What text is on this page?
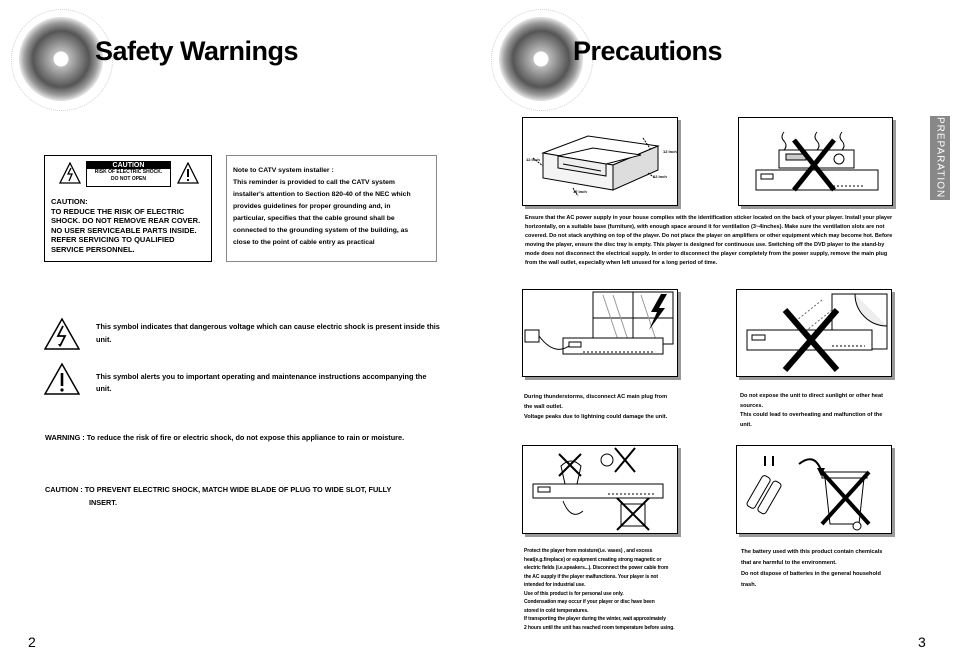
Safety Warnings
CAUTION
RISK OF ELECTRIC SHOCK.
DO NOT OPEN
CAUTION:
TO REDUCE THE RISK OF ELECTRIC
SHOCK. DO NOT REMOVE REAR COVER.
NO USER SERVICEABLE PARTS INSIDE.
REFER SERVICING TO QUALIFIED
SERVICE PERSONNEL.
Note to CATV system installer :
This reminder is provided to call the CATV system
installer's attention to Section 820-40 of the NEC which
provides guidelines for proper grounding and, in
particular, specifies that the cable ground shall be
connected to the grounding system of the building, as
close to the point of cable entry as practical
This symbol indicates that dangerous voltage which can cause electric shock is present inside this unit.
This symbol alerts you to important operating and maintenance instructions accompanying the unit.
WARNING : To reduce the risk of fire or electric shock, do not expose this appliance to rain or moisture.
CAUTION : TO PREVENT ELECTRIC SHOCK, MATCH WIDE BLADE OF PLUG TO WIDE SLOT, FULLY
INSERT.
2
Precautions
PREPARATION
12 Inch
12 Inch
12 Inch
12 Inch
Ensure that the AC power supply in your house complies with the identification sticker located on the back of your player. Install your player horizontally, on a suitable base (furniture), with enough space around it for ventilation (3~4inches). Make sure the ventilation slots are not covered. Do not stack anything on top of the player. Do not place the player on amplifiers or other equipment which may become hot. Before moving the player, ensure the disc tray is empty. This player is designed for continuous use. Switching off the DVD player to the stand-by mode does not disconnect the electrical supply. In order to disconnect the player completely from the power supply, remove the main plug from the wall outlet, especially when left unused for a long period of time.
During thunderstorms, disconnect AC main plug from
the wall outlet.
Voltage peaks due to lightning could damage the unit.
Do not expose the unit to direct sunlight or other heat
sources.
This could lead to overheating and malfunction of the
unit.
Protect the player from moisture(i.e. vases) , and excess
heat(e.g.fireplace) or equipment creating strong magnetic or
electric fields (i.e.speakers...). Disconnect the power cable from
the AC supply if the player malfunctions. Your player is not
intended for industrial use.
Use of this product is for personal use only.
Condensation may occur if your player or disc have been
stored in cold temperatures.
If transporting the player during the winter, wait approximately
2 hours until the unit has reached room temperature before using.
The battery used with this product contain chemicals
that are harmful to the environment.
Do not dispose of batteries in the general household
trash.
3
